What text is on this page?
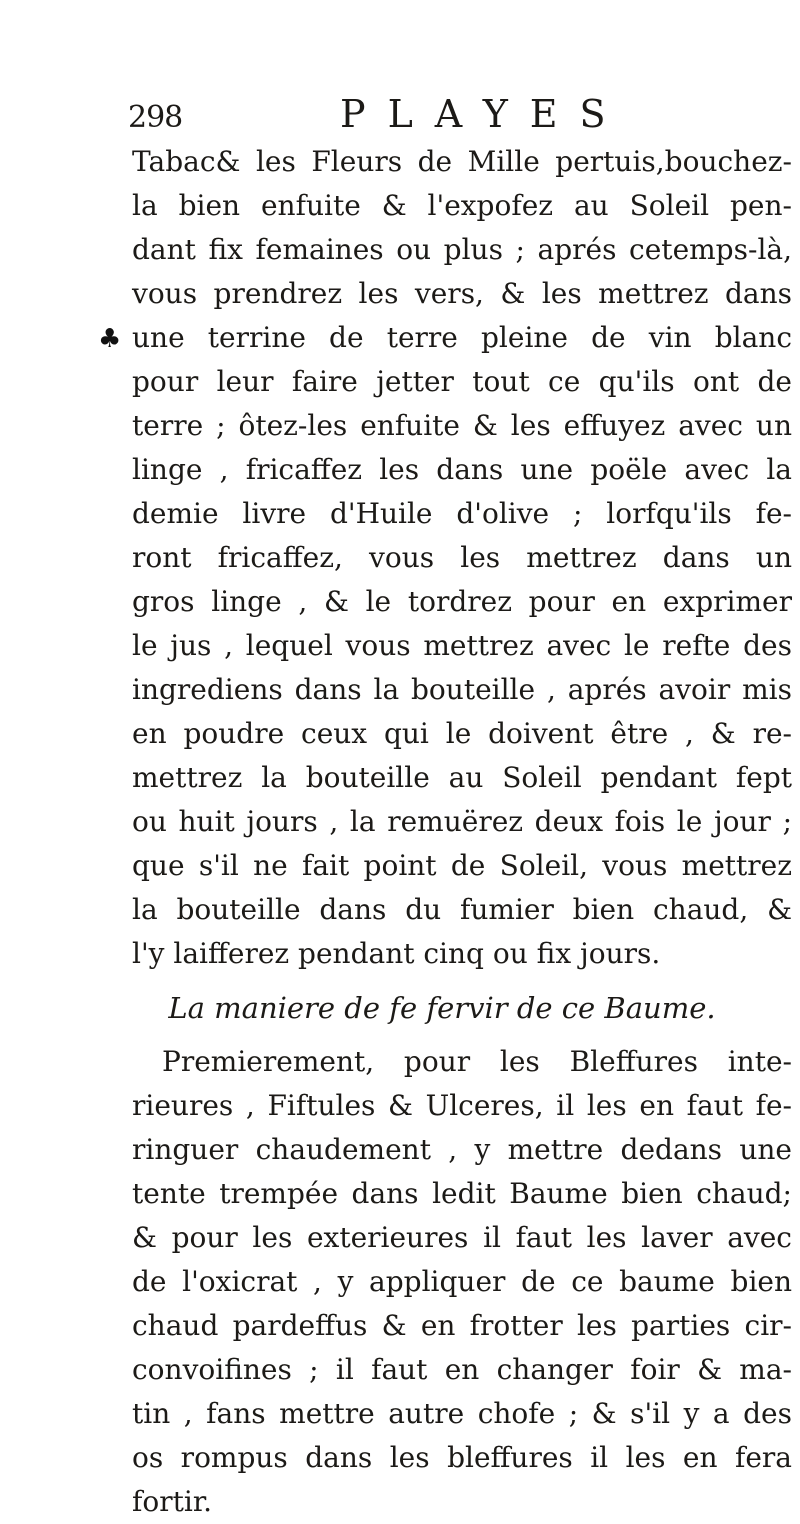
298	PLAYES
♣
Tabac& les Fleurs de Mille pertuis,bouchez-
la bien enfuite & l'expofez au Soleil pen-
dant fix femaines ou plus ; aprés cetemps-là,
vous prendrez les vers, & les mettrez dans
une terrine de terre pleine de vin blanc
pour leur faire jetter tout ce qu'ils ont de
terre ; ôtez-les enfuite & les effuyez avec un
linge , fricaffez les dans une poële avec la
demie livre d'Huile d'olive ; lorfqu'ils fe-
ront fricaffez, vous les mettrez dans un
gros linge , & le tordrez pour en exprimer
le jus , lequel vous mettrez avec le refte des
ingrediens dans la bouteille , aprés avoir mis
en poudre ceux qui le doivent être , & re-
mettrez la bouteille au Soleil pendant fept
ou huit jours , la remuërez deux fois le jour ;
que s'il ne fait point de Soleil, vous mettrez
la bouteille dans du fumier bien chaud, &
l'y laifferez pendant cinq ou fix jours.
La maniere de fe fervir de ce Baume.
Premierement, pour les Bleffures inte-
rieures , Fiftules & Ulceres, il les en faut fe-
ringuer chaudement , y mettre dedans une
tente trempée dans ledit Baume bien chaud;
& pour les exterieures il faut les laver avec
de l'oxicrat , y appliquer de ce baume bien
chaud pardeffus & en frotter les parties cir-
convoifines ; il faut en changer foir & ma-
tin , fans mettre autre chofe ; & s'il y a des
os rompus dans les bleffures il les en fera
fortir.
